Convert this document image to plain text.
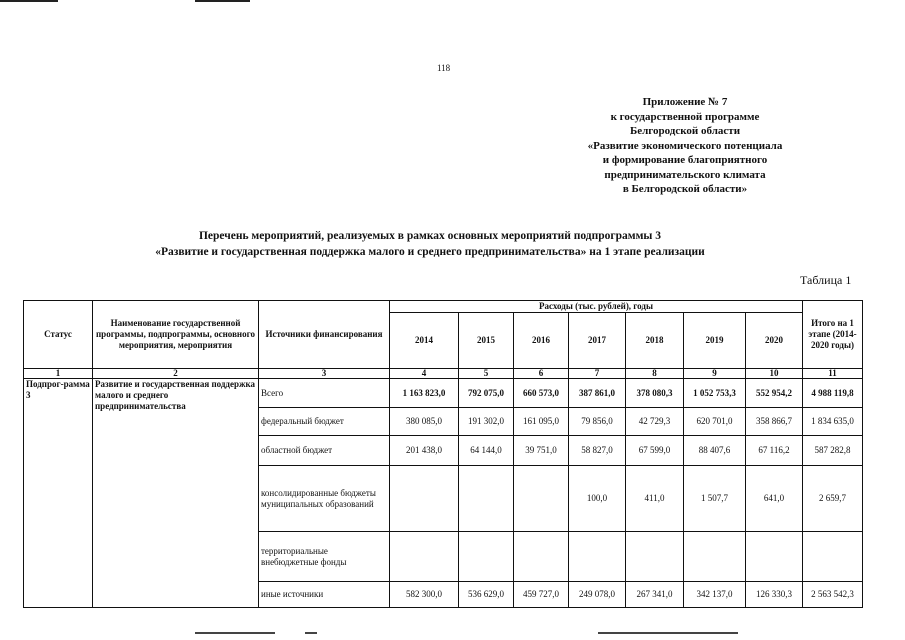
118
Приложение № 7
к государственной программе
Белгородской области
«Развитие экономического потенциала
и формирование благоприятного
предпринимательского климата
в Белгородской области»
Перечень мероприятий, реализуемых в рамках основных мероприятий подпрограммы 3
«Развитие и государственная поддержка малого и среднего предпринимательства» на 1 этапе реализации
Таблица 1
Статус	Наименование государственной программы, подпрограммы, основного мероприятия, мероприятия	Источники финансирования	Расходы (тыс. рублей), годы							Итого на 1 этапе (2014-2020 годы)
			2014	2015	2016	2017	2018	2019	2020	
1	2	3	4	5	6	7	8	9	10	11
Подпрог-рамма 3	Развитие и государственная поддержка малого и среднего предпринимательства	Всего	1 163 823,0	792 075,0	660 573,0	387 861,0	378 080,3	1 052 753,3	552 954,2	4 988 119,8
		федеральный бюджет	380 085,0	191 302,0	161 095,0	79 856,0	42 729,3	620 701,0	358 866,7	1 834 635,0
		областной бюджет	201 438,0	64 144,0	39 751,0	58 827,0	67 599,0	88 407,6	67 116,2	587 282,8
		консолидированные бюджеты муниципальных образований				100,0	411,0	1 507,7	641,0	2 659,7
		территориальные внебюджетные фонды								
		иные источники	582 300,0	536 629,0	459 727,0	249 078,0	267 341,0	342 137,0	126 330,3	2 563 542,3
